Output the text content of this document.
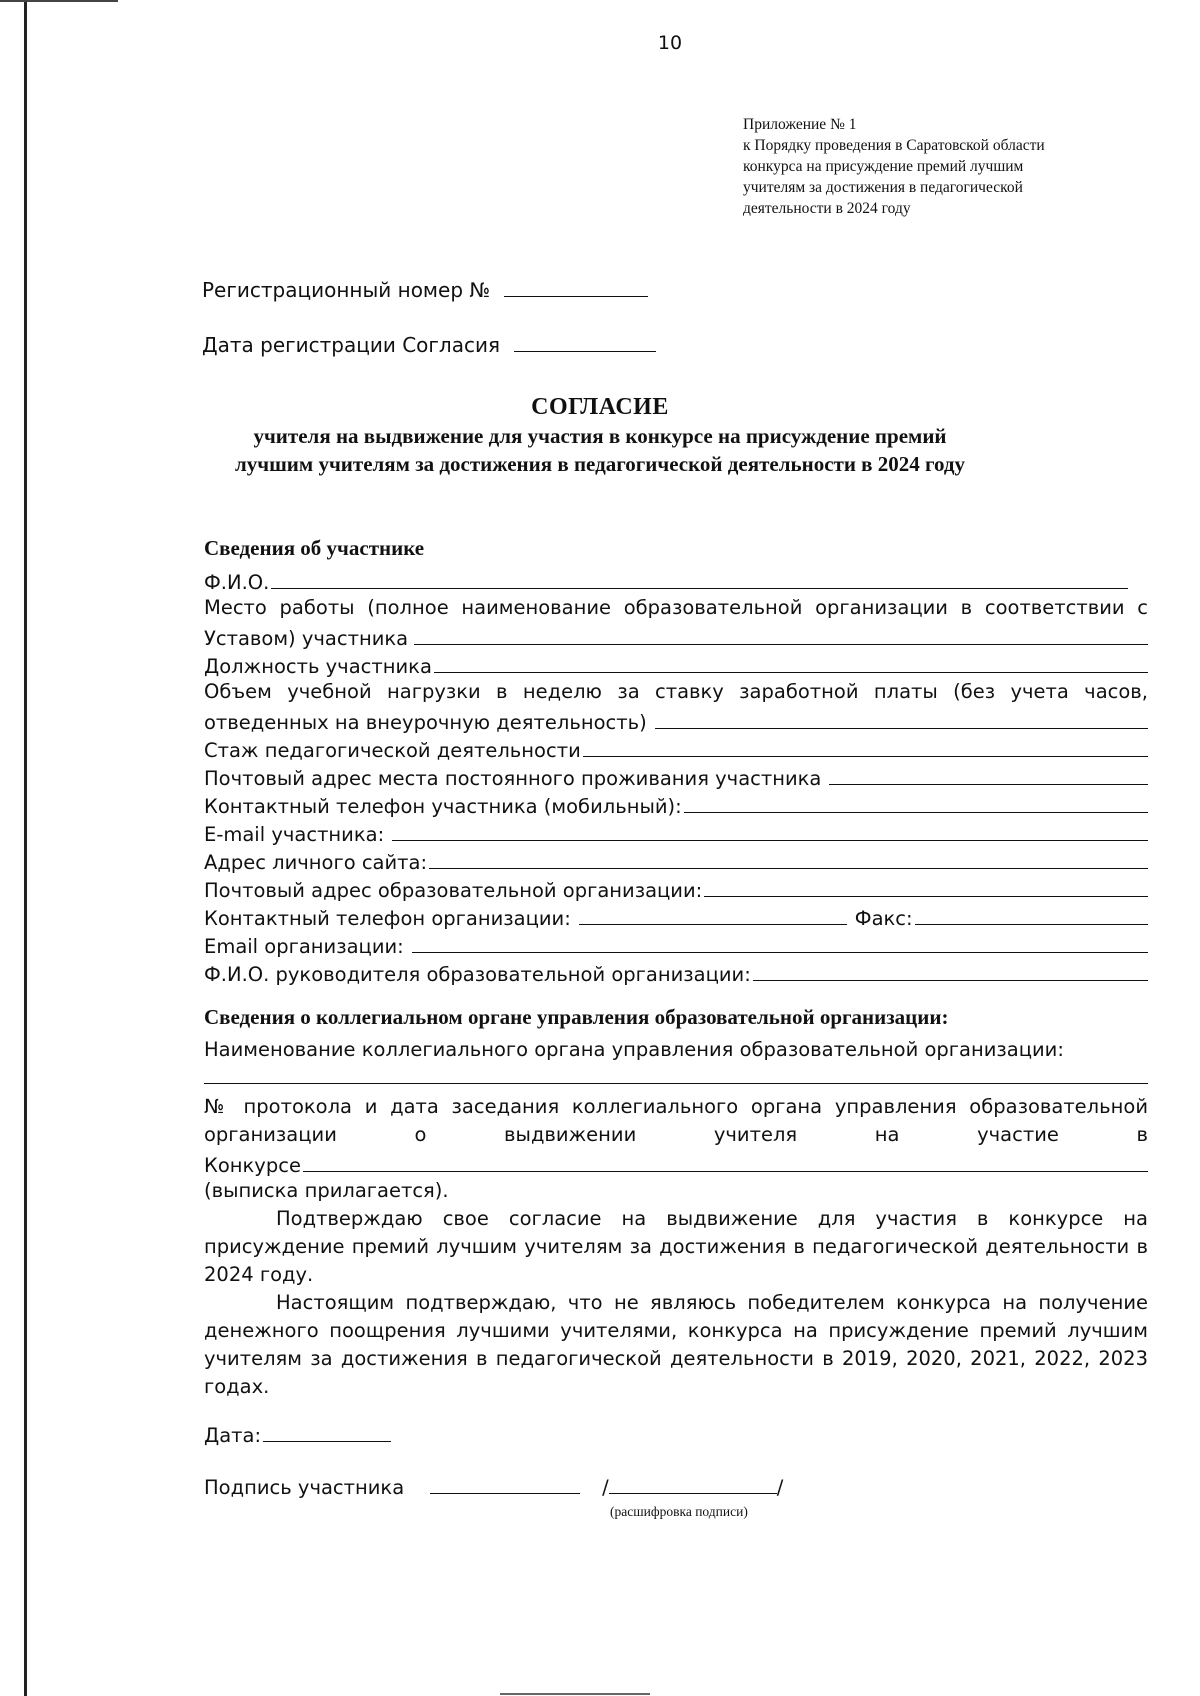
10
Приложение № 1
к Порядку проведения в Саратовской области
конкурса на присуждение премий лучшим
учителям за достижения в педагогической
деятельности в 2024 году
Регистрационный номер №
Дата регистрации Согласия
СОГЛАСИЕ
учителя на выдвижение для участия в конкурсе на присуждение премий
лучшим учителям за достижения в педагогической деятельности в 2024 году
Сведения об участнике
Ф.И.О.
Место работы (полное наименование образовательной организации в соответствии с
Уставом) участника
Должность участника
Объем учебной нагрузки в неделю за ставку заработной платы (без учета часов,
отведенных на внеурочную деятельность)
Стаж педагогической деятельности
Почтовый адрес места постоянного проживания участника
Контактный телефон участника (мобильный):
E-mail участника:
Адрес личного сайта:
Почтовый адрес образовательной организации:
Контактный телефон организации:	Факс:
Email организации:
Ф.И.О. руководителя образовательной организации:
Сведения о коллегиальном органе управления образовательной организации:
Наименование коллегиального органа управления образовательной организации:
№ протокола и дата заседания коллегиального органа управления образовательной
организации о выдвижении учителя на участие в
Конкурсе
(выписка прилагается).
Подтверждаю свое согласие на выдвижение для участия в конкурсе на присуждение премий лучшим учителям за достижения в педагогической деятельности в 2024 году.
Настоящим подтверждаю, что не являюсь победителем конкурса на получение денежного поощрения лучшими учителями, конкурса на присуждение премий лучшим учителям за достижения в педагогической деятельности в 2019, 2020, 2021, 2022, 2023 годах.
Дата:
Подпись участника	/	/
(расшифровка подписи)
